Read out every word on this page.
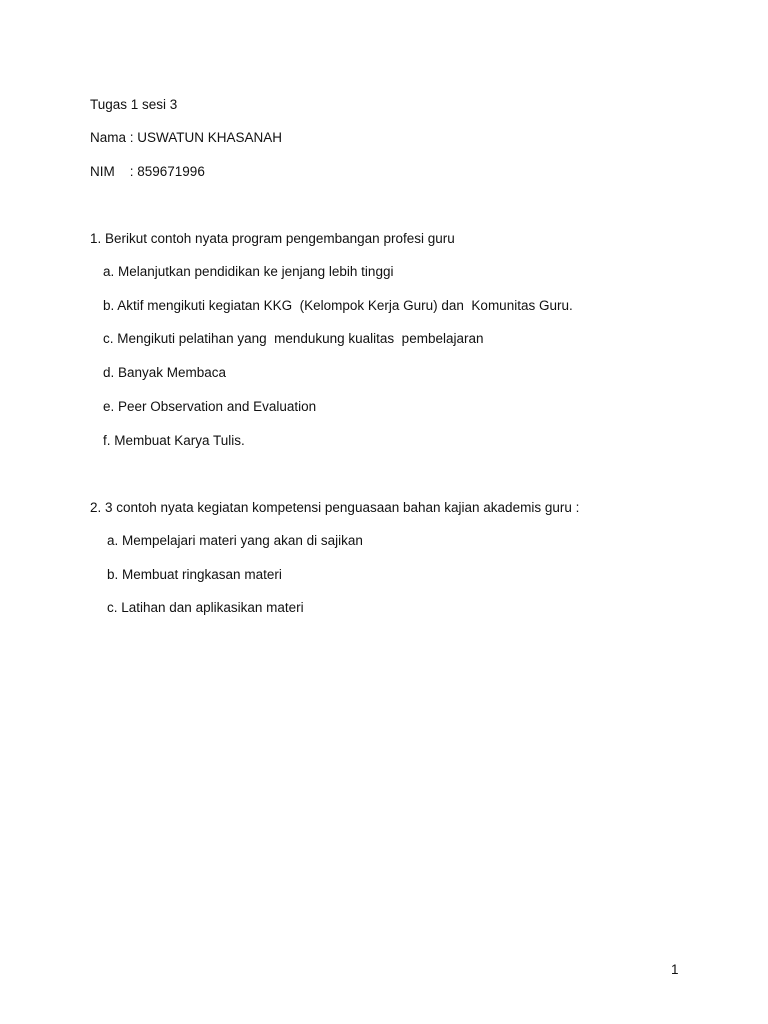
Tugas 1 sesi 3
Nama : USWATUN KHASANAH
NIM    : 859671996
1. Berikut contoh nyata program pengembangan profesi guru
a. Melanjutkan pendidikan ke jenjang lebih tinggi
b. Aktif mengikuti kegiatan KKG  (Kelompok Kerja Guru) dan  Komunitas Guru.
c. Mengikuti pelatihan yang  mendukung kualitas  pembelajaran
d. Banyak Membaca
e. Peer Observation and Evaluation
f. Membuat Karya Tulis.
2. 3 contoh nyata kegiatan kompetensi penguasaan bahan kajian akademis guru :
a. Mempelajari materi yang akan di sajikan
b. Membuat ringkasan materi
c. Latihan dan aplikasikan materi
1
